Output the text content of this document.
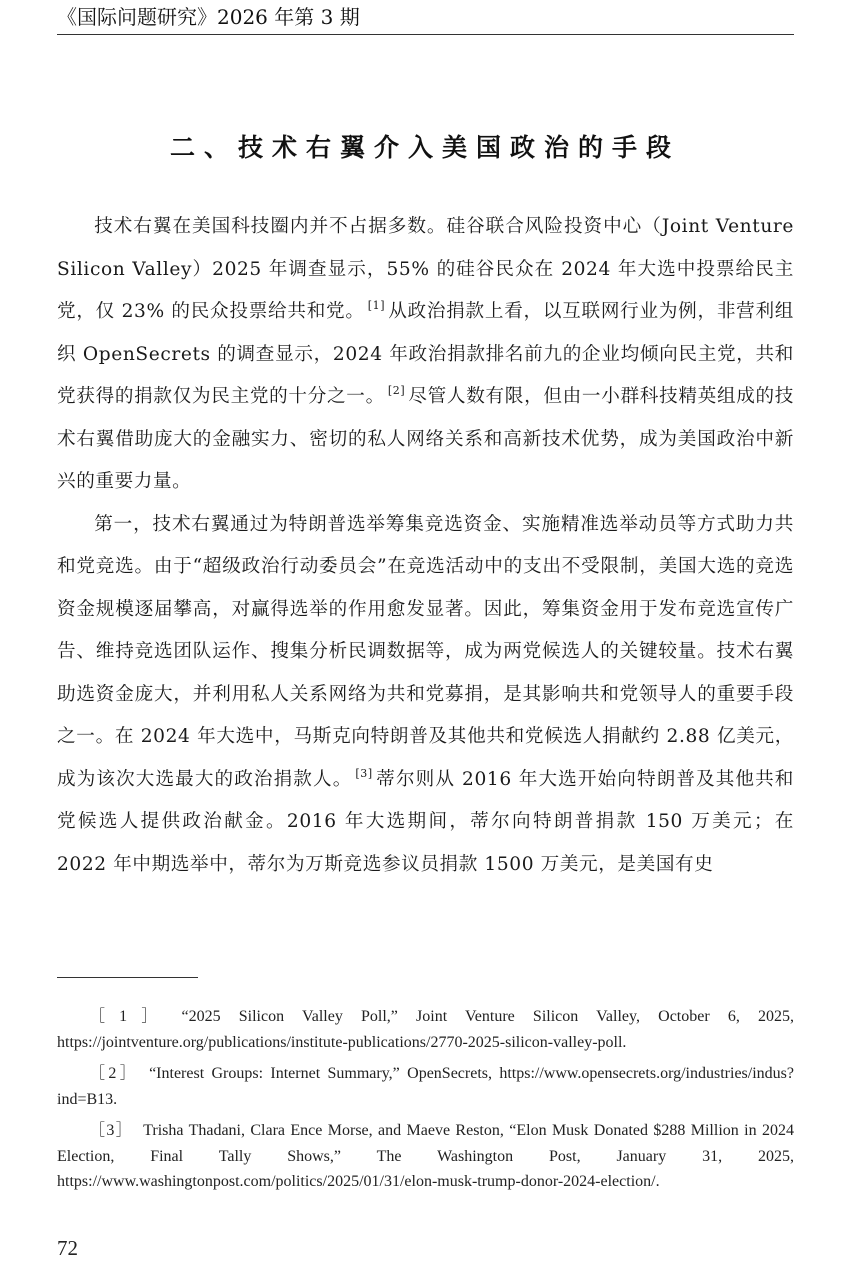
《国际问题研究》2026 年第 3 期
二、技术右翼介入美国政治的手段

技术右翼在美国科技圈内并不占据多数。硅谷联合风险投资中心（Joint Venture Silicon Valley）2025 年调查显示，55% 的硅谷民众在 2024 年大选中投票给民主党，仅 23% 的民众投票给共和党。 [1] 从政治捐款上看，以互联网行业为例，非营利组织 OpenSecrets 的调查显示，2024 年政治捐款排名前九的企业均倾向民主党，共和党获得的捐款仅为民主党的十分之一。 [2] 尽管人数有限，但由一小群科技精英组成的技术右翼借助庞大的金融实力、密切的私人网络关系和高新技术优势，成为美国政治中新兴的重要力量。

第一，技术右翼通过为特朗普选举筹集竞选资金、实施精准选举动员等方式助力共和党竞选。由于“超级政治行动委员会”在竞选活动中的支出不受限制，美国大选的竞选资金规模逐届攀高，对赢得选举的作用愈发显著。因此，筹集资金用于发布竞选宣传广告、维持竞选团队运作、搜集分析民调数据等，成为两党候选人的关键较量。技术右翼助选资金庞大，并利用私人关系网络为共和党募捐，是其影响共和党领导人的重要手段之一。在 2024 年大选中，马斯克向特朗普及其他共和党候选人捐献约 2.88 亿美元，成为该次大选最大的政治捐款人。 [3] 蒂尔则从 2016 年大选开始向特朗普及其他共和党候选人提供政治献金。2016 年大选期间，蒂尔向特朗普捐款 150 万美元；在 2022 年中期选举中，蒂尔为万斯竞选参议员捐款 1500 万美元，是美国有史

［1］ “2025 Silicon Valley Poll,” Joint Venture Silicon Valley, October 6, 2025, https://jointventure.org/publications/institute-publications/2770-2025-silicon-valley-poll.

［2］ “Interest Groups: Internet Summary,” OpenSecrets, https://www.opensecrets.org/industries/indus?ind=B13.

［3］ Trisha Thadani, Clara Ence Morse, and Maeve Reston, “Elon Musk Donated $288 Million in 2024 Election, Final Tally Shows,” The Washington Post, January 31, 2025, https://www.washingtonpost.com/politics/2025/01/31/elon-musk-trump-donor-2024-election/.

72
